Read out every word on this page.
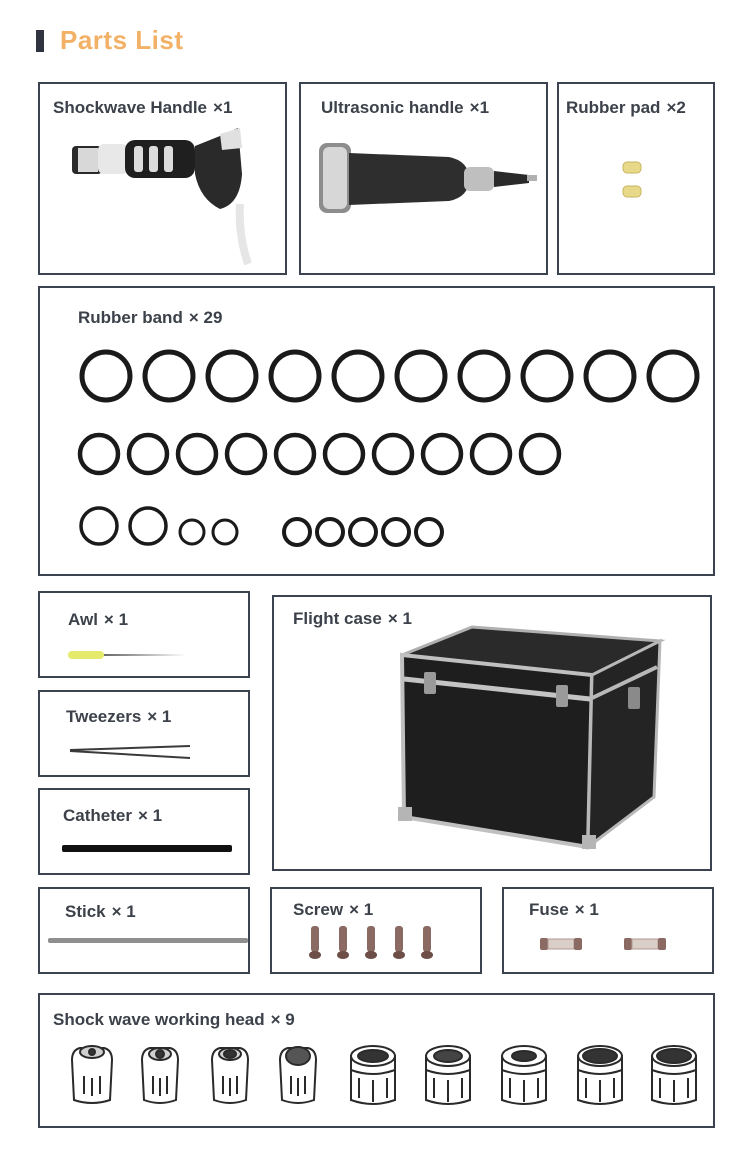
Parts List
Shockwave Handle ×1	Ultrasonic handle ×1	Rubber pad ×2
Rubber band × 29
Awl × 1
Tweezers × 1
Catheter × 1
Flight case × 1
Stick × 1	Screw × 1	Fuse × 1
Shock wave working head × 9
